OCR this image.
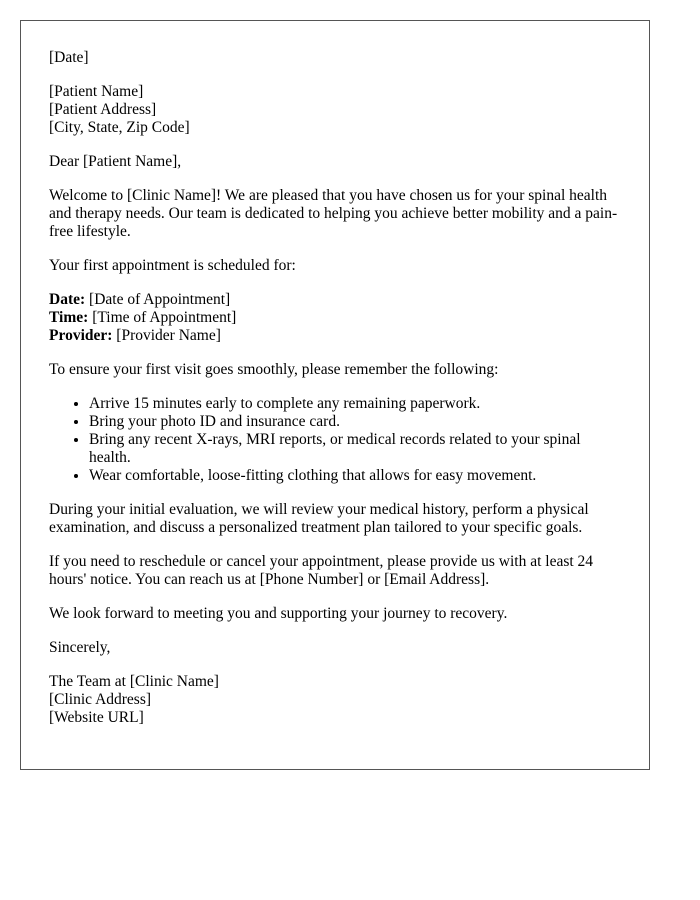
[Date]

[Patient Name]
[Patient Address]
[City, State, Zip Code]

Dear [Patient Name],

Welcome to [Clinic Name]! We are pleased that you have chosen us for your spinal health and therapy needs. Our team is dedicated to helping you achieve better mobility and a pain-free lifestyle.

Your first appointment is scheduled for:

Date: [Date of Appointment]
Time: [Time of Appointment]
Provider: [Provider Name]

To ensure your first visit goes smoothly, please remember the following:

• Arrive 15 minutes early to complete any remaining paperwork.
• Bring your photo ID and insurance card.
• Bring any recent X-rays, MRI reports, or medical records related to your spinal health.
• Wear comfortable, loose-fitting clothing that allows for easy movement.

During your initial evaluation, we will review your medical history, perform a physical examination, and discuss a personalized treatment plan tailored to your specific goals.

If you need to reschedule or cancel your appointment, please provide us with at least 24 hours' notice. You can reach us at [Phone Number] or [Email Address].

We look forward to meeting you and supporting your journey to recovery.

Sincerely,

The Team at [Clinic Name]
[Clinic Address]
[Website URL]
